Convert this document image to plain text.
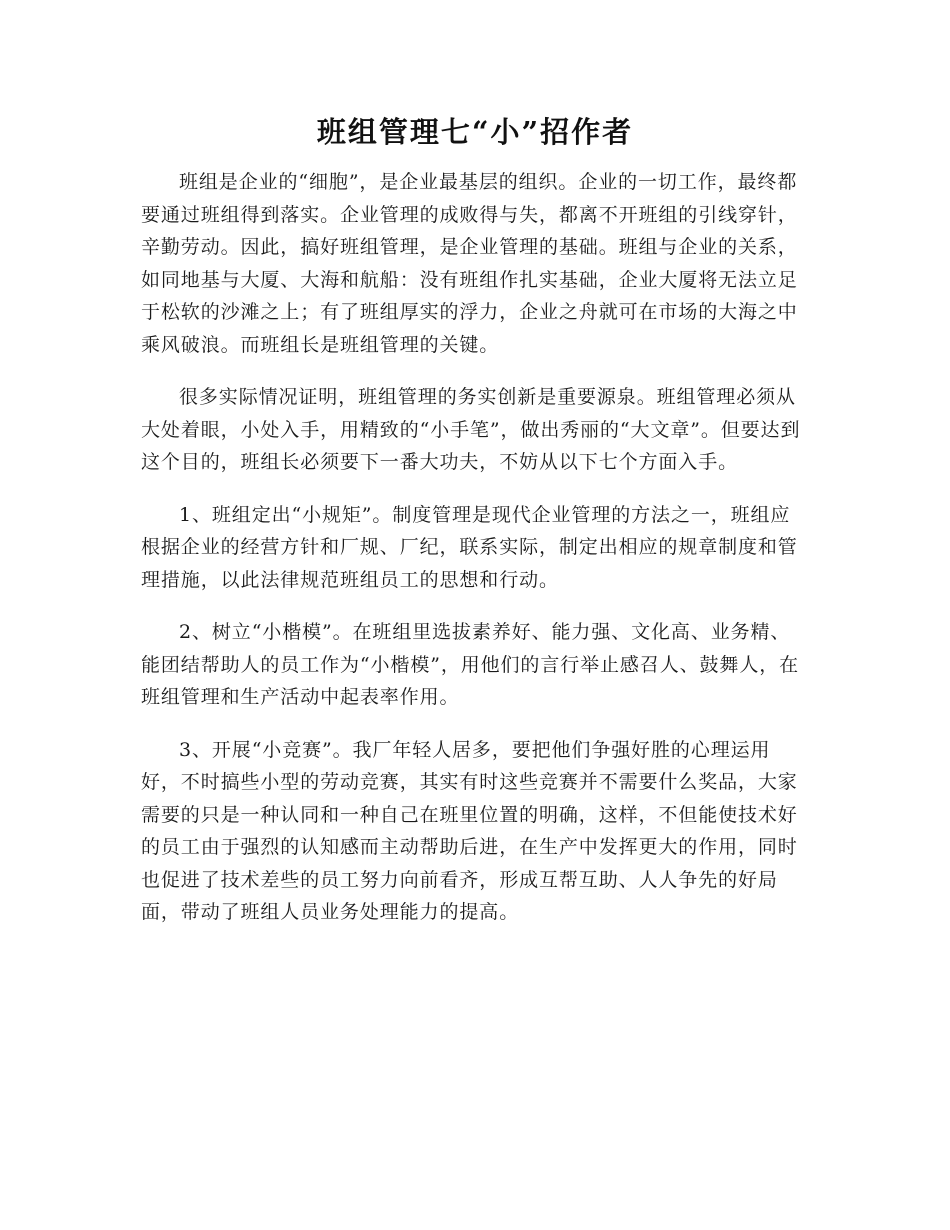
班组管理七“小”招作者

班组是企业的“细胞”，是企业最基层的组织。企业的一切工作，最终都要通过班组得到落实。企业管理的成败得与失，都离不开班组的引线穿针，辛勤劳动。因此，搞好班组管理，是企业管理的基础。班组与企业的关系，如同地基与大厦、大海和航船：没有班组作扎实基础，企业大厦将无法立足于松软的沙滩之上；有了班组厚实的浮力，企业之舟就可在市场的大海之中乘风破浪。而班组长是班组管理的关键。

很多实际情况证明，班组管理的务实创新是重要源泉。班组管理必须从大处着眼，小处入手，用精致的“小手笔”，做出秀丽的“大文章”。但要达到这个目的，班组长必须要下一番大功夫，不妨从以下七个方面入手。

1、班组定出“小规矩”。制度管理是现代企业管理的方法之一，班组应根据企业的经营方针和厂规、厂纪，联系实际，制定出相应的规章制度和管理措施，以此法律规范班组员工的思想和行动。

2、树立“小楷模”。在班组里选拔素养好、能力强、文化高、业务精、能团结帮助人的员工作为“小楷模”，用他们的言行举止感召人、鼓舞人，在班组管理和生产活动中起表率作用。

3、开展“小竞赛”。我厂年轻人居多，要把他们争强好胜的心理运用好，不时搞些小型的劳动竞赛，其实有时这些竞赛并不需要什么奖品，大家需要的只是一种认同和一种自己在班里位置的明确，这样，不但能使技术好的员工由于强烈的认知感而主动帮助后进，在生产中发挥更大的作用，同时也促进了技术差些的员工努力向前看齐，形成互帮互助、人人争先的好局面，带动了班组人员业务处理能力的提高。
